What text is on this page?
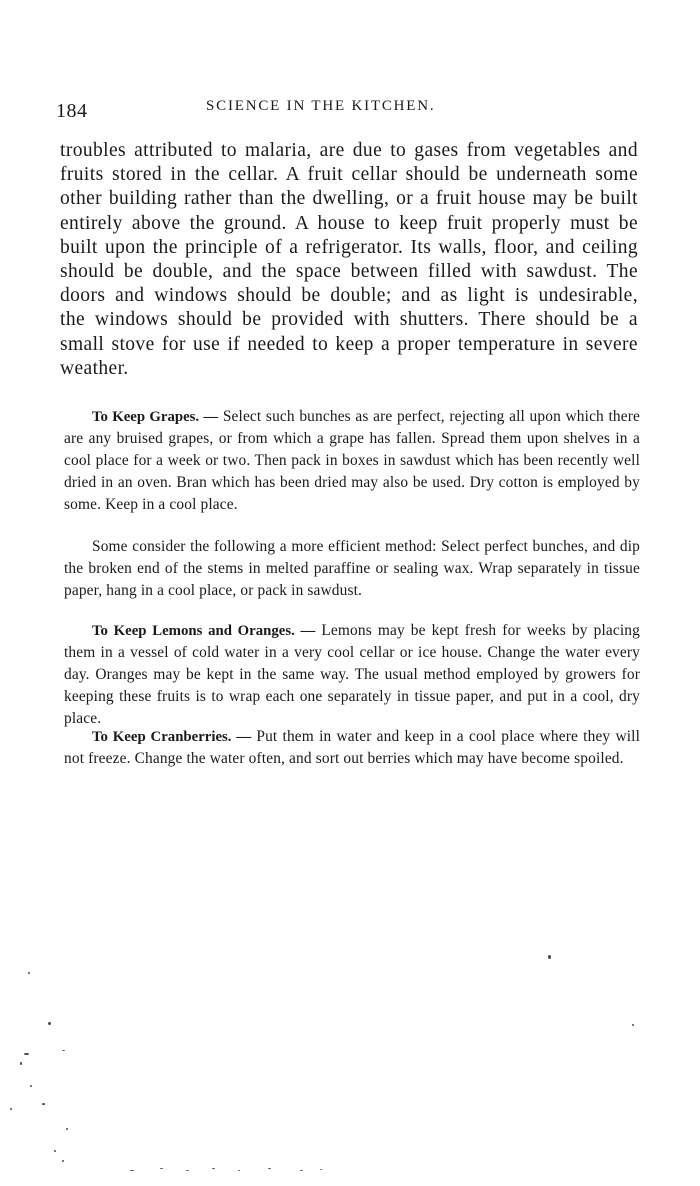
184	SCIENCE IN THE KITCHEN.

troubles attributed to malaria, are due to gases from vegetables and fruits stored in the cellar. A fruit cellar should be underneath some other building rather than the dwelling, or a fruit house may be built entirely above the ground. A house to keep fruit properly must be built upon the principle of a refrigerator. Its walls, floor, and ceiling should be double, and the space between filled with sawdust. The doors and windows should be double; and as light is undesirable, the windows should be provided with shutters. There should be a small stove for use if needed to keep a proper temperature in severe weather.

To Keep Grapes. — Select such bunches as are perfect, rejecting all upon which there are any bruised grapes, or from which a grape has fallen. Spread them upon shelves in a cool place for a week or two. Then pack in boxes in sawdust which has been recently well dried in an oven. Bran which has been dried may also be used. Dry cotton is employed by some. Keep in a cool place.

Some consider the following a more efficient method: Select perfect bunches, and dip the broken end of the stems in melted paraffine or sealing wax. Wrap separately in tissue paper, hang in a cool place, or pack in sawdust.

To Keep Lemons and Oranges. — Lemons may be kept fresh for weeks by placing them in a vessel of cold water in a very cool cellar or ice house. Change the water every day. Oranges may be kept in the same way. The usual method employed by growers for keeping these fruits is to wrap each one separately in tissue paper, and put in a cool, dry place.

To Keep Cranberries. — Put them in water and keep in a cool place where they will not freeze. Change the water often, and sort out berries which may have become spoiled.
